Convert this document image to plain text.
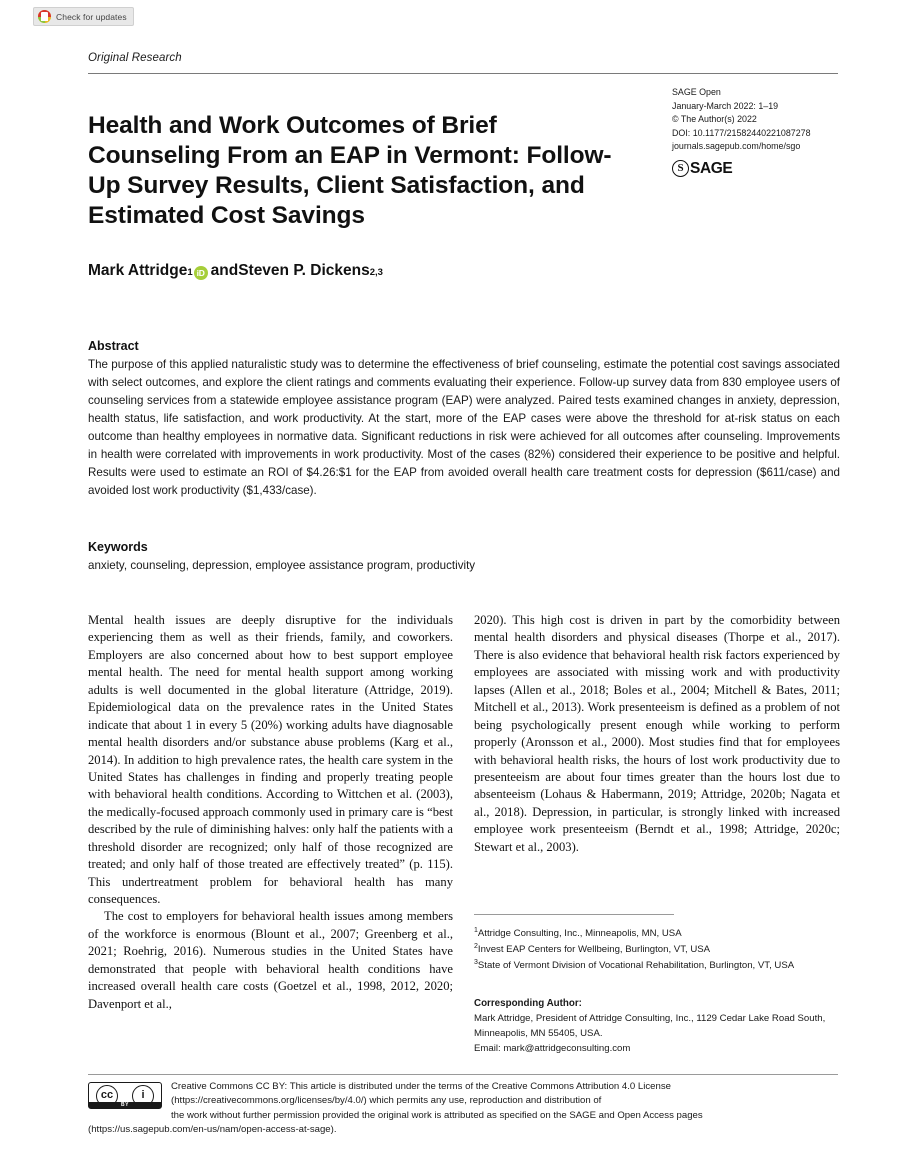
Check for updates
Original Research
Health and Work Outcomes of Brief Counseling From an EAP in Vermont: Follow-Up Survey Results, Client Satisfaction, and Estimated Cost Savings
SAGE Open
January-March 2022: 1–19
© The Author(s) 2022
DOI: 10.1177/21582440221087278
journals.sagepub.com/home/sgo
S SAGE
Mark Attridge 1 iD and Steven P. Dickens 2,3
Abstract

The purpose of this applied naturalistic study was to determine the effectiveness of brief counseling, estimate the potential cost savings associated with select outcomes, and explore the client ratings and comments evaluating their experience. Follow-up survey data from 830 employee users of counseling services from a statewide employee assistance program (EAP) were analyzed. Paired tests examined changes in anxiety, depression, health status, life satisfaction, and work productivity. At the start, more of the EAP cases were above the threshold for at-risk status on each outcome than healthy employees in normative data. Significant reductions in risk were achieved for all outcomes after counseling. Improvements in health were correlated with improvements in work productivity. Most of the cases (82%) considered their experience to be positive and helpful. Results were used to estimate an ROI of $4.26:$1 for the EAP from avoided overall health care treatment costs for depression ($611/case) and avoided lost work productivity ($1,433/case).

Keywords

anxiety, counseling, depression, employee assistance program, productivity

Mental health issues are deeply disruptive for the individuals experiencing them as well as their friends, family, and coworkers. Employers are also concerned about how to best support employee mental health. The need for mental health support among working adults is well documented in the global literature (Attridge, 2019). Epidemiological data on the prevalence rates in the United States indicate that about 1 in every 5 (20%) working adults have diagnosable mental health disorders and/or substance abuse problems (Karg et al., 2014). In addition to high prevalence rates, the health care system in the United States has challenges in finding and properly treating people with behavioral health conditions. According to Wittchen et al. (2003), the medically-focused approach commonly used in primary care is “best described by the rule of diminishing halves: only half the patients with a threshold disorder are recognized; only half of those recognized are treated; and only half of those treated are effectively treated” (p. 115). This undertreatment problem for behavioral health has many consequences.

The cost to employers for behavioral health issues among members of the workforce is enormous (Blount et al., 2007; Greenberg et al., 2021; Roehrig, 2016). Numerous studies in the United States have demonstrated that people with behavioral health conditions have increased overall health care costs (Goetzel et al., 1998, 2012, 2020; Davenport et al.,

2020). This high cost is driven in part by the comorbidity between mental health disorders and physical diseases (Thorpe et al., 2017). There is also evidence that behavioral health risk factors experienced by employees are associated with missing work and with productivity lapses (Allen et al., 2018; Boles et al., 2004; Mitchell & Bates, 2011; Mitchell et al., 2013). Work presenteeism is defined as a problem of not being psychologically present enough while working to perform properly (Aronsson et al., 2000). Most studies find that for employees with behavioral health risks, the hours of lost work productivity due to presenteeism are about four times greater than the hours lost due to absenteeism (Lohaus & Habermann, 2019; Attridge, 2020b; Nagata et al., 2018). Depression, in particular, is strongly linked with increased employee work presenteeism (Berndt et al., 1998; Attridge, 2020c; Stewart et al., 2003).

$^1$Attridge Consulting, Inc., Minneapolis, MN, USA
$^2$Invest EAP Centers for Wellbeing, Burlington, VT, USA
$^3$State of Vermont Division of Vocational Rehabilitation, Burlington, VT, USA
Corresponding Author:
Mark Attridge, President of Attridge Consulting, Inc., 1129 Cedar Lake Road South, Minneapolis, MN 55405, USA.
Email: mark@attridgeconsulting.com
cc	i
BY
Creative Commons CC BY: This article is distributed under the terms of the Creative Commons Attribution 4.0 License
(https://creativecommons.org/licenses/by/4.0/) which permits any use, reproduction and distribution of
the work without further permission provided the original work is attributed as specified on the SAGE and Open Access pages
(https://us.sagepub.com/en-us/nam/open-access-at-sage).
